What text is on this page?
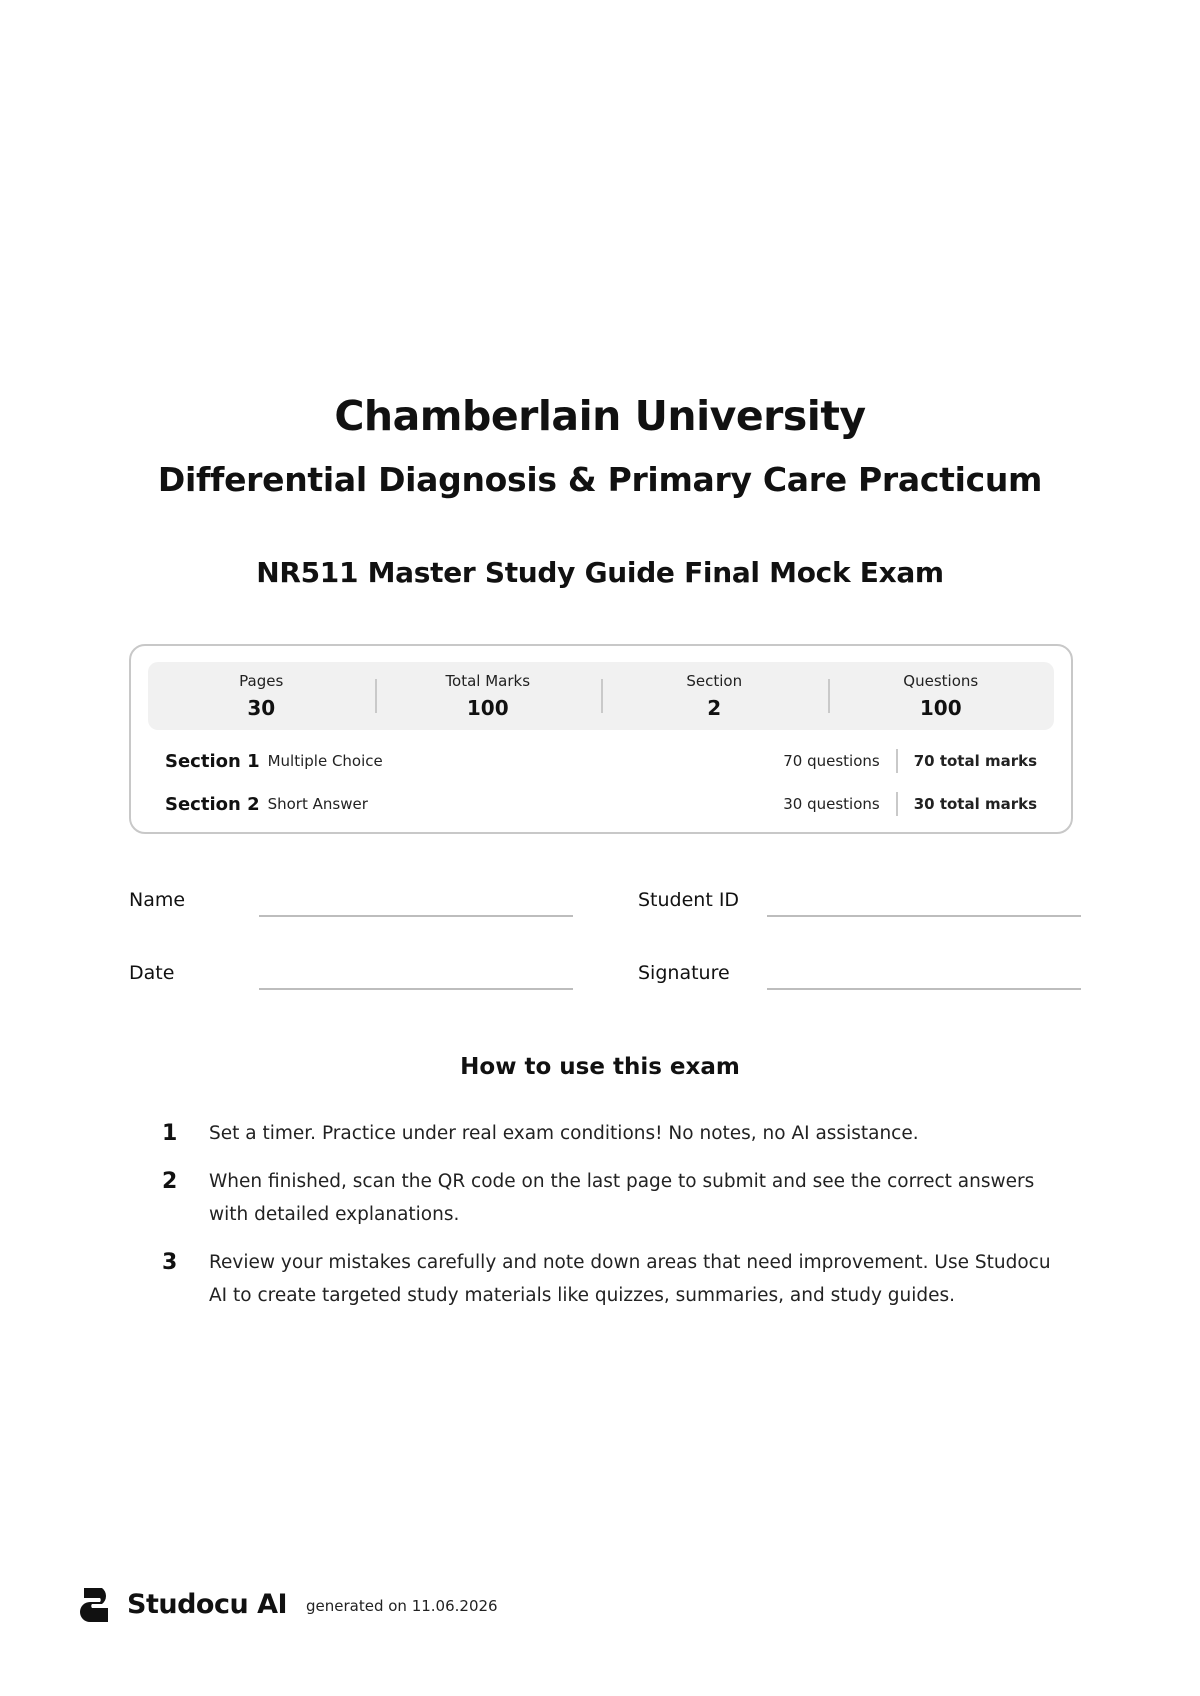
Chamberlain University
Differential Diagnosis & Primary Care Practicum
NR511 Master Study Guide Final Mock Exam
Pages
30
Total Marks
100
Section
2
Questions
100
Section 1 Multiple Choice	70 questions	70 total marks
Section 2 Short Answer	30 questions	30 total marks
Name	Student ID
Date	Signature
How to use this exam
1 Set a timer. Practice under real exam conditions! No notes, no AI assistance.
2 When finished, scan the QR code on the last page to submit and see the correct answers with detailed explanations.
3 Review your mistakes carefully and note down areas that need improvement. Use Studocu AI to create targeted study materials like quizzes, summaries, and study guides.
Studocu AI generated on 11.06.2026
